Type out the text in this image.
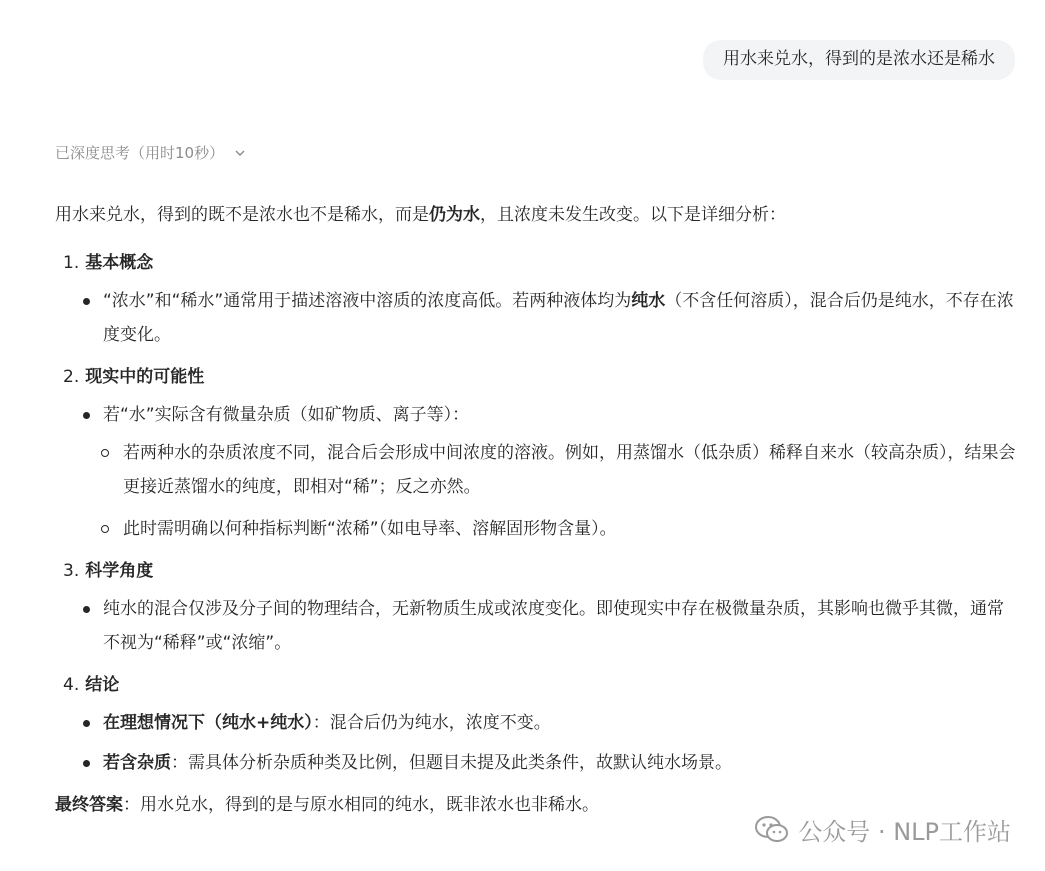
用水来兑水，得到的是浓水还是稀水
已深度思考（用时10秒）

用水来兑水，得到的既不是浓水也不是稀水，而是仍为水，且浓度未发生改变。以下是详细分析：

1. 基本概念
“浓水”和“稀水”通常用于描述溶液中溶质的浓度高低。若两种液体均为纯水（不含任何溶质），混合后仍是纯水，不存在浓度变化。
2. 现实中的可能性
若“水”实际含有微量杂质（如矿物质、离子等）：
若两种水的杂质浓度不同，混合后会形成中间浓度的溶液。例如，用蒸馏水（低杂质）稀释自来水（较高杂质），结果会更接近蒸馏水的纯度，即相对“稀”；反之亦然。
此时需明确以何种指标判断“浓稀”（如电导率、溶解固形物含量）。
3. 科学角度
纯水的混合仅涉及分子间的物理结合，无新物质生成或浓度变化。即使现实中存在极微量杂质，其影响也微乎其微，通常不视为“稀释”或“浓缩”。
4. 结论
在理想情况下（纯水+纯水）：混合后仍为纯水，浓度不变。
若含杂质：需具体分析杂质种类及比例，但题目未提及此类条件，故默认纯水场景。

最终答案：用水兑水，得到的是与原水相同的纯水，既非浓水也非稀水。

公众号 · NLP工作站
